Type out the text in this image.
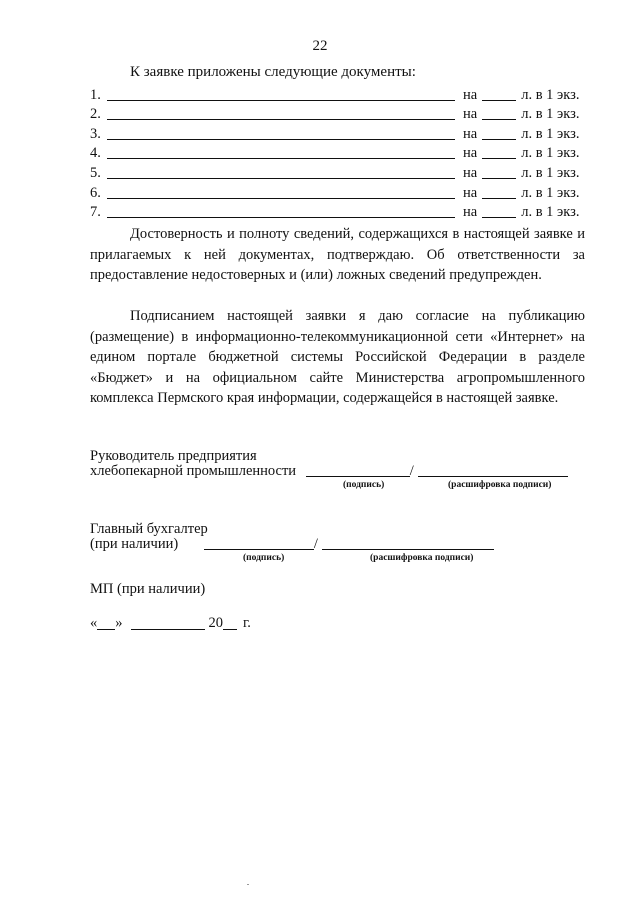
22
К заявке приложены следующие документы:
1.	на	л. в 1 экз.
2.	на	л. в 1 экз.
3.	на	л. в 1 экз.
4.	на	л. в 1 экз.
5.	на	л. в 1 экз.
6.	на	л. в 1 экз.
7.	на	л. в 1 экз.
Достоверность и полноту сведений, содержащихся в настоящей заявке и прилагаемых к ней документах, подтверждаю. Об ответственности за предоставление недостоверных и (или) ложных сведений предупрежден.
Подписанием настоящей заявки я даю согласие на публикацию (размещение) в информационно-телекоммуникационной сети «Интернет» на едином портале бюджетной системы Российской Федерации в разделе «Бюджет» и на официальном сайте Министерства агропромышленного комплекса Пермского края информации, содержащейся в настоящей заявке.
Руководитель предприятия
хлебопекарной промышленности	/
(подпись)	(расшифровка подписи)
Главный бухгалтер
(при наличии)	/
(подпись)	(расшифровка подписи)
МП (при наличии)
« »	20 г.
